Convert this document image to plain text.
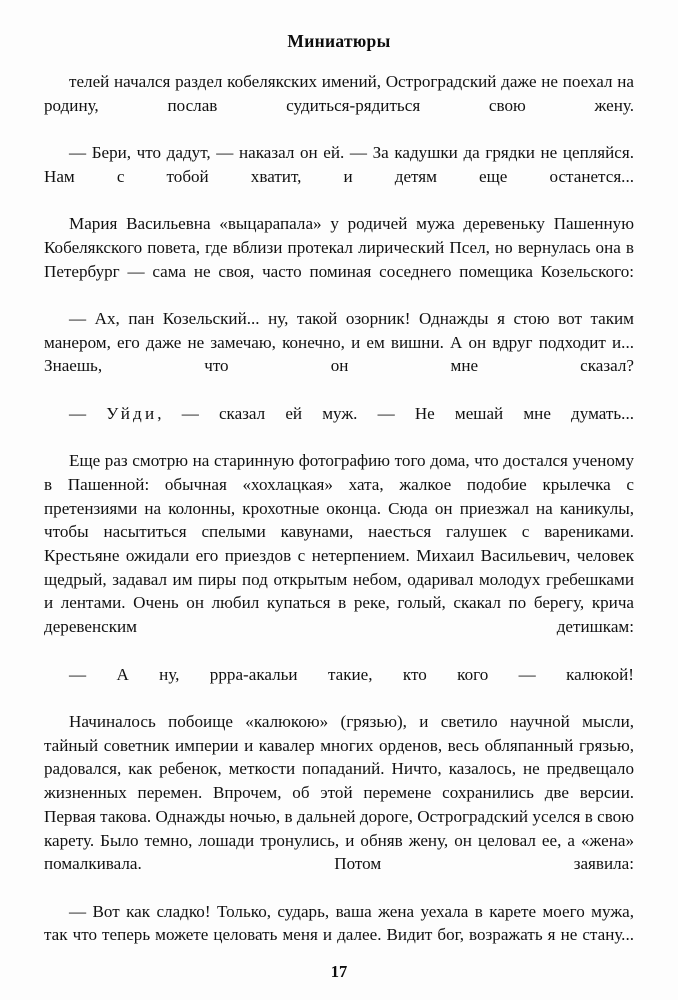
Миниатюры

телей начался раздел кобелякских имений, Остроградский даже не поехал на родину, послав судиться-рядиться свою жену.

— Бери, что дадут, — наказал он ей. — За кадушки да грядки не цепляйся. Нам с тобой хватит, и детям еще останется...

Мария Васильевна «выцарапала» у родичей мужа деревеньку Пашенную Кобелякского повета, где вблизи протекал лирический Псел, но вернулась она в Петербург — сама не своя, часто поминая соседнего помещика Козельского:

— Ах, пан Козельский... ну, такой озорник! Однажды я стою вот таким манером, его даже не замечаю, конечно, и ем вишни. А он вдруг подходит и... Знаешь, что он мне сказал?

— Уйди, — сказал ей муж. — Не мешай мне думать...

Еще раз смотрю на старинную фотографию того дома, что достался ученому в Пашенной: обычная «хохлацкая» хата, жалкое подобие крылечка с претензиями на колонны, крохотные оконца. Сюда он приезжал на каникулы, чтобы насытиться спелыми кавунами, наесться галушек с варениками. Крестьяне ожидали его приездов с нетерпением. Михаил Васильевич, человек щедрый, задавал им пиры под открытым небом, одаривал молодух гребешками и лентами. Очень он любил купаться в реке, голый, скакал по берегу, крича деревенским детишкам:

— А ну, ррра-акальи такие, кто кого — калюкой!

Начиналось побоище «калюкою» (грязью), и светило научной мысли, тайный советник империи и кавалер многих орденов, весь обляпанный грязью, радовался, как ребенок, меткости попаданий. Ничто, казалось, не предвещало жизненных перемен. Впрочем, об этой перемене сохранились две версии. Первая такова. Однажды ночью, в дальней дороге, Остроградский уселся в свою карету. Было темно, лошади тронулись, и обняв жену, он целовал ее, а «жена» помалкивала. Потом заявила:

— Вот как сладко! Только, сударь, ваша жена уехала в карете моего мужа, так что теперь можете целовать меня и далее. Видит бог, возражать я не стану...

17
